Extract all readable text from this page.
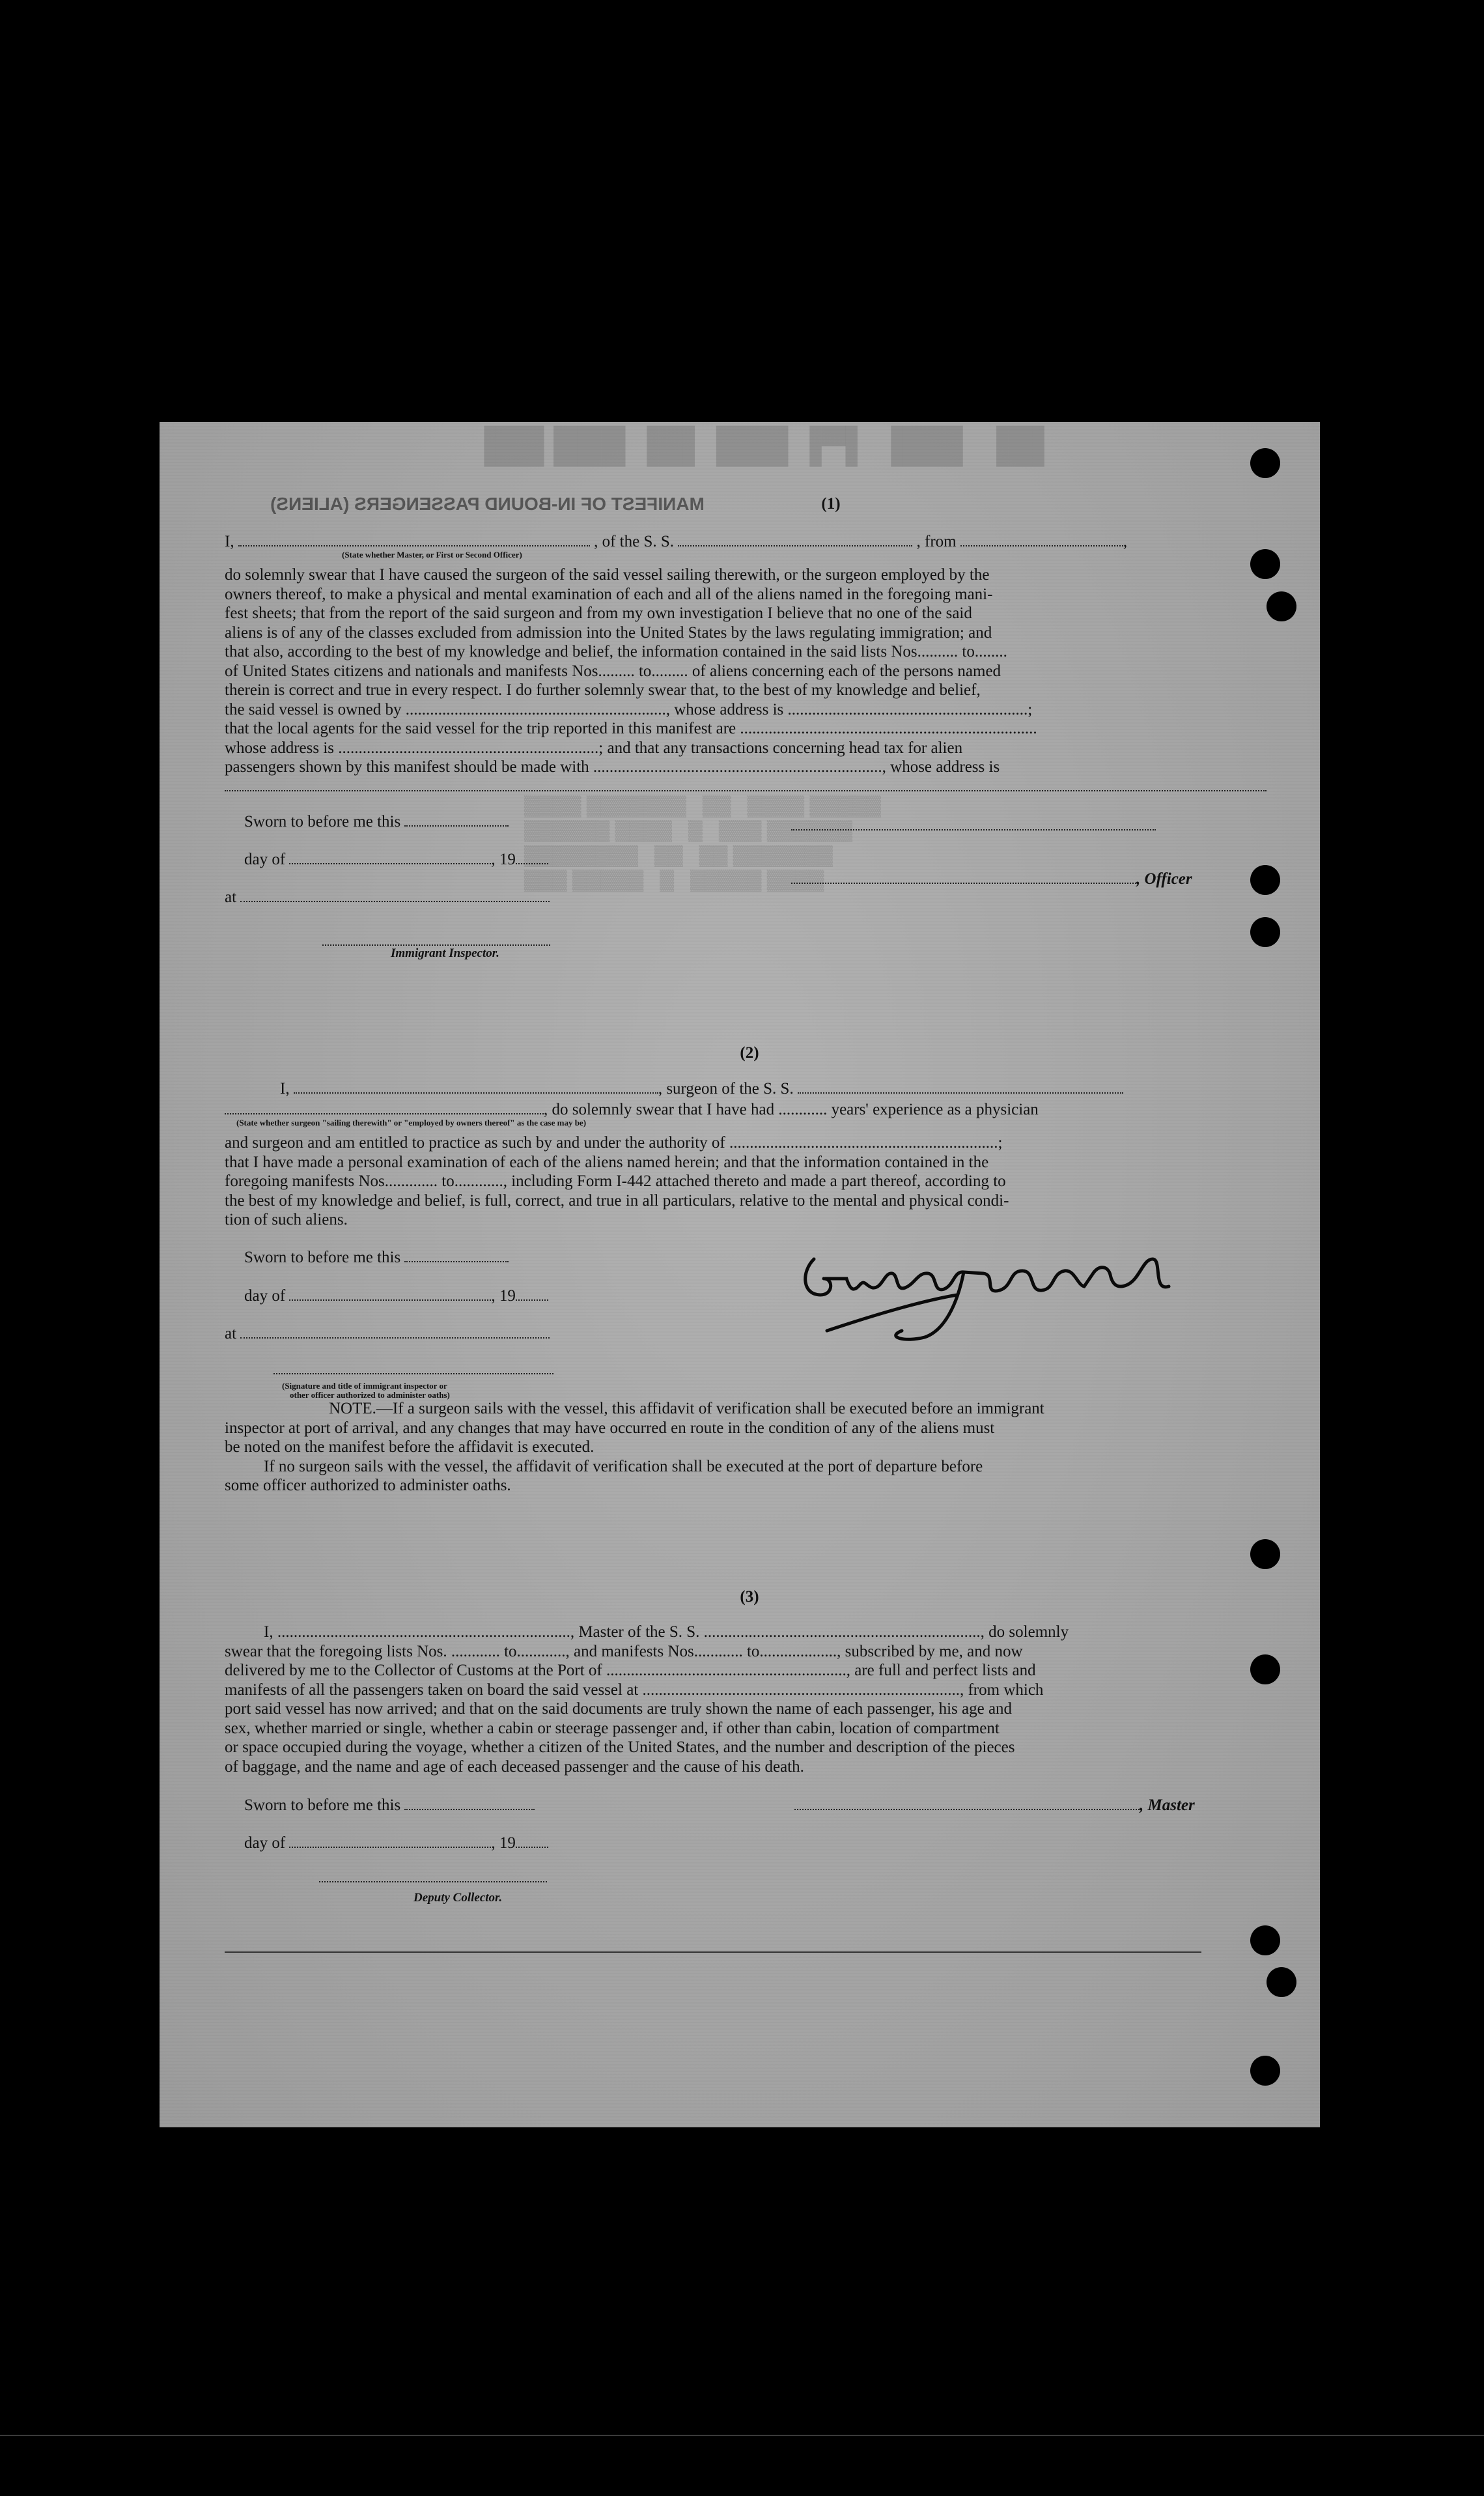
▐█▌ ▐██▌ ▐▀▌ ███ ▐█▌ ███ ██▌
▓▓▓▓▓ ▓▓▓▓   ▓▓   ▓▓▓▓▓▓▓ ▓▓▓▓
▓▓▓▓▓▓ ▓▓▓   ▓   ▓▓▓▓ ▓▓▓▓▓▓
▓▓▓▓▓▓▓ ▓▓   ▓▓   ▓▓▓▓▓▓▓▓
▓▓▓▓ ▓▓▓▓▓   ▓   ▓▓▓▓▓ ▓▓▓
MANIFEST OF IN-BOUND PASSENGERS (ALIENS)	(1)
I,	, of the S. S.	, from	,
(State whether Master, or First or Second Officer)
do solemnly swear that I have caused the surgeon of the said vessel sailing therewith, or the surgeon employed by the
owners thereof, to make a physical and mental examination of each and all of the aliens named in the foregoing mani-
fest sheets; that from the report of the said surgeon and from my own investigation I believe that no one of the said
aliens is of any of the classes excluded from admission into the United States by the laws regulating immigration; and
that also, according to the best of my knowledge and belief, the information contained in the said lists Nos.......... to........
of United States citizens and nationals and manifests Nos......... to......... of aliens concerning each of the persons named
therein is correct and true in every respect. I do further solemnly swear that, to the best of my knowledge and belief,
the said vessel is owned by ................................................................, whose address is ...........................................................;
that the local agents for the said vessel for the trip reported in this manifest are .........................................................................
whose address is ................................................................; and that any transactions concerning head tax for alien
passengers shown by this manifest should be made with ......................................................................., whose address is
Sworn to before me this
day of	, 19
, Officer
at
Immigrant Inspector.
(2)
I,	, surgeon of the S. S.
, do solemnly swear that I have had ............ years' experience as a physician
(State whether surgeon "sailing therewith" or "employed by owners thereof" as the case may be)
and surgeon and am entitled to practice as such by and under the authority of ..................................................................;
that I have made a personal examination of each of the aliens named herein; and that the information contained in the
foregoing manifests Nos............. to............, including Form I-442 attached thereto and made a part thereof, according to
the best of my knowledge and belief, is full, correct, and true in all particulars, relative to the mental and physical condi-
tion of such aliens.
Sworn to before me this
day of	, 19
at
(Signature and title of immigrant inspector or
other officer authorized to administer oaths)
NOTE.—If a surgeon sails with the vessel, this affidavit of verification shall be executed before an immigrant
inspector at port of arrival, and any changes that may have occurred en route in the condition of any of the aliens must
be noted on the manifest before the affidavit is executed.
If no surgeon sails with the vessel, the affidavit of verification shall be executed at the port of departure before
some officer authorized to administer oaths.
(3)
I, ........................................................................, Master of the S. S. ...................................................................., do solemnly
swear that the foregoing lists Nos. ............ to............, and manifests Nos............ to..................., subscribed by me, and now
delivered by me to the Collector of Customs at the Port of ..........................................................., are full and perfect lists and
manifests of all the passengers taken on board the said vessel at .............................................................................., from which
port said vessel has now arrived; and that on the said documents are truly shown the name of each passenger, his age and
sex, whether married or single, whether a cabin or steerage passenger and, if other than cabin, location of compartment
or space occupied during the voyage, whether a citizen of the United States, and the number and description of the pieces
of baggage, and the name and age of each deceased passenger and the cause of his death.
Sworn to before me this	, Master
day of	, 19
Deputy Collector.
